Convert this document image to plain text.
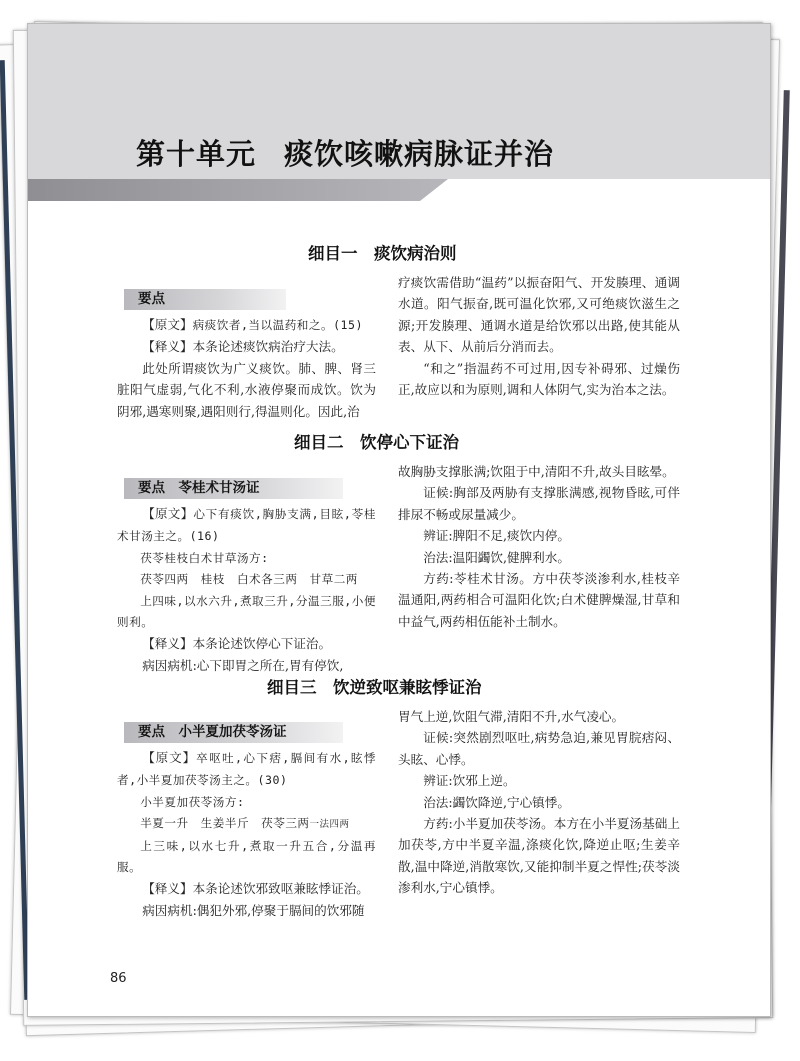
第十单元 痰饮咳嗽病脉证并治
细目一　 痰饮病治则
要点

【原文】病痰饮者,当以温药和之。(15)

【释义】本条论述痰饮病治疗大法。

此处所谓痰饮为广义痰饮。肺、脾、肾三脏阳气虚弱,气化不利,水液停聚而成饮。饮为阴邪,遇寒则聚,遇阳则行,得温则化。因此,治

疗痰饮需借助“温药”以振奋阳气、开发腠理、通调水道。阳气振奋,既可温化饮邪,又可绝痰饮滋生之源;开发腠理、通调水道是给饮邪以出路,使其能从表、从下、从前后分消而去。

“和之”指温药不可过用,因专补碍邪、过燥伤正,故应以和为原则,调和人体阴气,实为治本之法。

细目二　 饮停心下证治
要点　苓桂术甘汤证

【原文】心下有痰饮,胸胁支满,目眩,苓桂术甘汤主之。(16)

茯苓桂枝白术甘草汤方:

茯苓四两　桂枝　白术各三两　甘草二两

上四味,以水六升,煮取三升,分温三服,小便则利。

【释义】本条论述饮停心下证治。

病因病机:心下即胃之所在,胃有停饮,

故胸胁支撑胀满;饮阻于中,清阳不升,故头目眩晕。

证候:胸部及两胁有支撑胀满感,视物昏眩,可伴排尿不畅或尿量减少。

辨证:脾阳不足,痰饮内停。

治法:温阳蠲饮,健脾利水。

方药:苓桂术甘汤。方中茯苓淡渗利水,桂枝辛温通阳,两药相合可温阳化饮;白术健脾燥湿,甘草和中益气,两药相伍能补土制水。

细目三　 饮逆致呕兼眩悸证治
要点　小半夏加茯苓汤证

【原文】卒呕吐,心下痞,膈间有水,眩悸者,小半夏加茯苓汤主之。(30)

小半夏加茯苓汤方:

半夏一升　生姜半斤　茯苓三两一法四两

上三味,以水七升,煮取一升五合,分温再服。

【释义】本条论述饮邪致呕兼眩悸证治。

病因病机:偶犯外邪,停聚于膈间的饮邪随

胃气上逆,饮阻气滞,清阳不升,水气凌心。

证候:突然剧烈呕吐,病势急迫,兼见胃脘痞闷、头眩、心悸。

辨证:饮邪上逆。

治法:蠲饮降逆,宁心镇悸。

方药:小半夏加茯苓汤。本方在小半夏汤基础上加茯苓,方中半夏辛温,涤痰化饮,降逆止呕;生姜辛散,温中降逆,消散寒饮,又能抑制半夏之悍性;茯苓淡渗利水,宁心镇悸。

86
